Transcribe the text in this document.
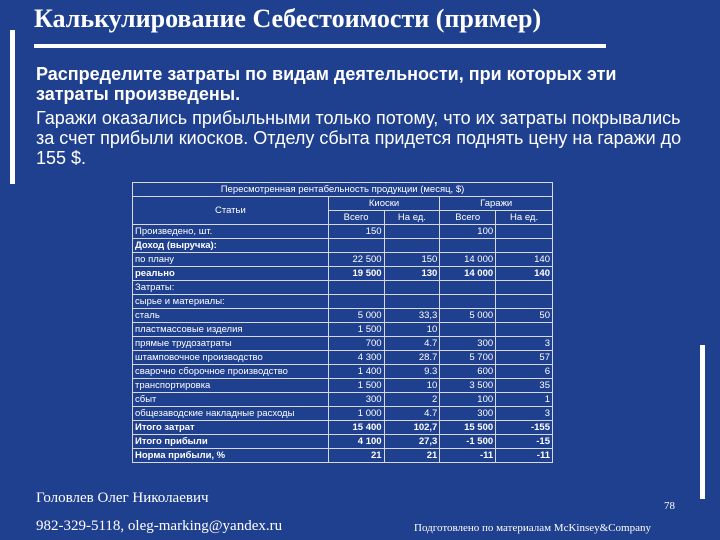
Калькулирование Себестоимости (пример)
Распределите затраты по видам деятельности, при которых эти затраты произведены.
Гаражи оказались прибыльными только потому, что их затраты покрывались за счет прибыли киосков. Отделу сбыта придется поднять цену на гаражи до 155 $.
Пересмотренная рентабельность продукции (месяц, $)				
Статьи	Киоски		Гаражи	
	Всего	На ед.	Всего	На ед.
Произведено, шт.	150		100	
Доход (выручка):				
по плану	22 500	150	14 000	140
реально	19 500	130	14 000	140
Затраты:				
сырье и материалы:				
сталь	5 000	33,3	5 000	50
пластмассовые изделия	1 500	10		
прямые трудозатраты	700	4.7	300	3
штамповочное производство	4 300	28.7	5 700	57
сварочно сборочное производство	1 400	9.3	600	6
транспортировка	1 500	10	3 500	35
сбыт	300	2	100	1
общезаводские накладные расходы	1 000	4.7	300	3
Итого затрат	15 400	102,7	15 500	-155
Итого прибыли	4 100	27,3	-1 500	-15
Норма прибыли, %	21	21	-11	-11
Головлев Олег Николаевич	78
982-329-5118, oleg-marking@yandex.ru	Подготовлено по материалам McKinsey&Company
